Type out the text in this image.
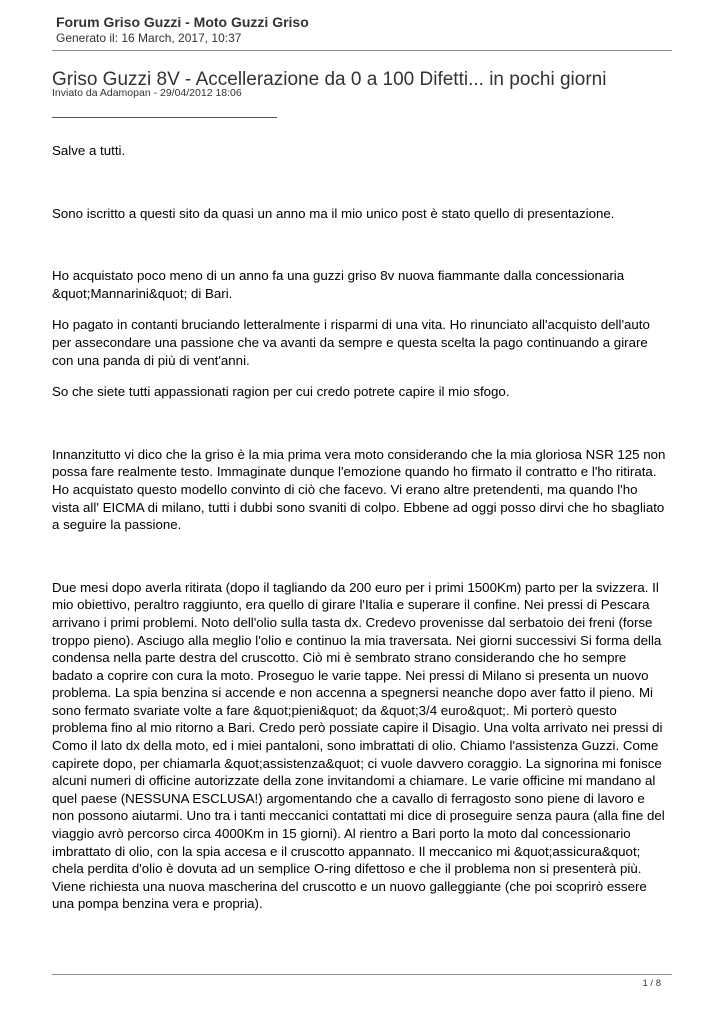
Forum Griso Guzzi - Moto Guzzi Griso
Generato il: 16 March, 2017, 10:37
Griso Guzzi 8V - Accellerazione da 0 a 100 Difetti... in pochi giorni
Inviato da Adamopan - 29/04/2012 18:06

Salve a tutti.

Sono iscritto a questi sito da quasi un anno ma il mio unico post è stato quello di presentazione.

Ho acquistato poco meno di un anno fa una guzzi griso 8v nuova fiammante dalla concessionaria
&quot;Mannarini&quot; di Bari.

Ho pagato in contanti bruciando letteralmente i risparmi di una vita. Ho rinunciato all'acquisto dell'auto
per assecondare una passione che va avanti da sempre e questa scelta la pago continuando a girare
con una panda di più di vent'anni.

So che siete tutti appassionati ragion per cui credo potrete capire il mio sfogo.

Innanzitutto vi dico che la griso è la mia prima vera moto considerando che la mia gloriosa NSR 125 non
possa fare realmente testo. Immaginate dunque l'emozione quando ho firmato il contratto e l'ho ritirata.
Ho acquistato questo modello convinto di ciò che facevo. Vi erano altre pretendenti, ma quando l'ho
vista all' EICMA di milano, tutti i dubbi sono svaniti di colpo. Ebbene ad oggi posso dirvi che ho sbagliato
a seguire la passione.

Due mesi dopo averla ritirata (dopo il tagliando da 200 euro per i primi 1500Km) parto per la svizzera. Il
mio obiettivo, peraltro raggiunto, era quello di girare l'Italia e superare il confine. Nei pressi di Pescara
arrivano i primi problemi. Noto dell'olio sulla tasta dx. Credevo provenisse dal serbatoio dei freni (forse
troppo pieno). Asciugo alla meglio l'olio e continuo la mia traversata. Nei giorni successivi Si forma della
condensa nella parte destra del cruscotto. Ciò mi è sembrato strano considerando che ho sempre
badato a coprire con cura la moto. Proseguo le varie tappe. Nei pressi di Milano si presenta un nuovo
problema. La spia benzina si accende e non accenna a spegnersi neanche dopo aver fatto il pieno. Mi
sono fermato svariate volte a fare &quot;pieni&quot; da &quot;3/4 euro&quot;. Mi porterò questo
problema fino al mio ritorno a Bari. Credo però possiate capire il Disagio. Una volta arrivato nei pressi di
Como il lato dx della moto, ed i miei pantaloni, sono imbrattati di olio. Chiamo l'assistenza Guzzi. Come
capirete dopo, per chiamarla &quot;assistenza&quot; ci vuole davvero coraggio. La signorina mi fonisce
alcuni numeri di officine autorizzate della zone invitandomi a chiamare. Le varie officine mi mandano al
quel paese (NESSUNA ESCLUSA!) argomentando che a cavallo di ferragosto sono piene di lavoro e
non possono aiutarmi. Uno tra i tanti meccanici contattati mi dice di proseguire senza paura (alla fine del
viaggio avrò percorso circa 4000Km in 15 giorni). Al rientro a Bari porto la moto dal concessionario
imbrattato di olio, con la spia accesa e il cruscotto appannato. Il meccanico mi &quot;assicura&quot;
chela perdita d'olio è dovuta ad un semplice O-ring difettoso e che il problema non si presenterà più.
Viene richiesta una nuova mascherina del cruscotto e un nuovo galleggiante (che poi scoprirò essere
una pompa benzina vera e propria).

1 / 8
